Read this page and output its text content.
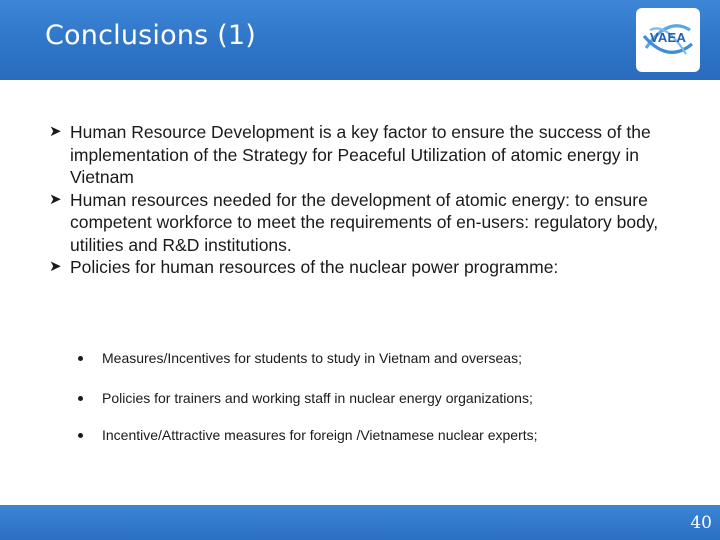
Conclusions (1)	VAEA
➤ Human Resource Development is a key factor to ensure the success of the implementation of the Strategy for Peaceful Utilization of atomic energy in Vietnam
➤ Human resources needed for the development of atomic energy: to ensure competent workforce to meet the requirements of en-users: regulatory body, utilities and R&D institutions.
➤ Policies for human resources of the nuclear power programme:
Measures/Incentives for students to study in Vietnam and overseas;
Policies for trainers and working staff in nuclear energy organizations;
Incentive/Attractive measures for foreign /Vietnamese nuclear experts;
40
